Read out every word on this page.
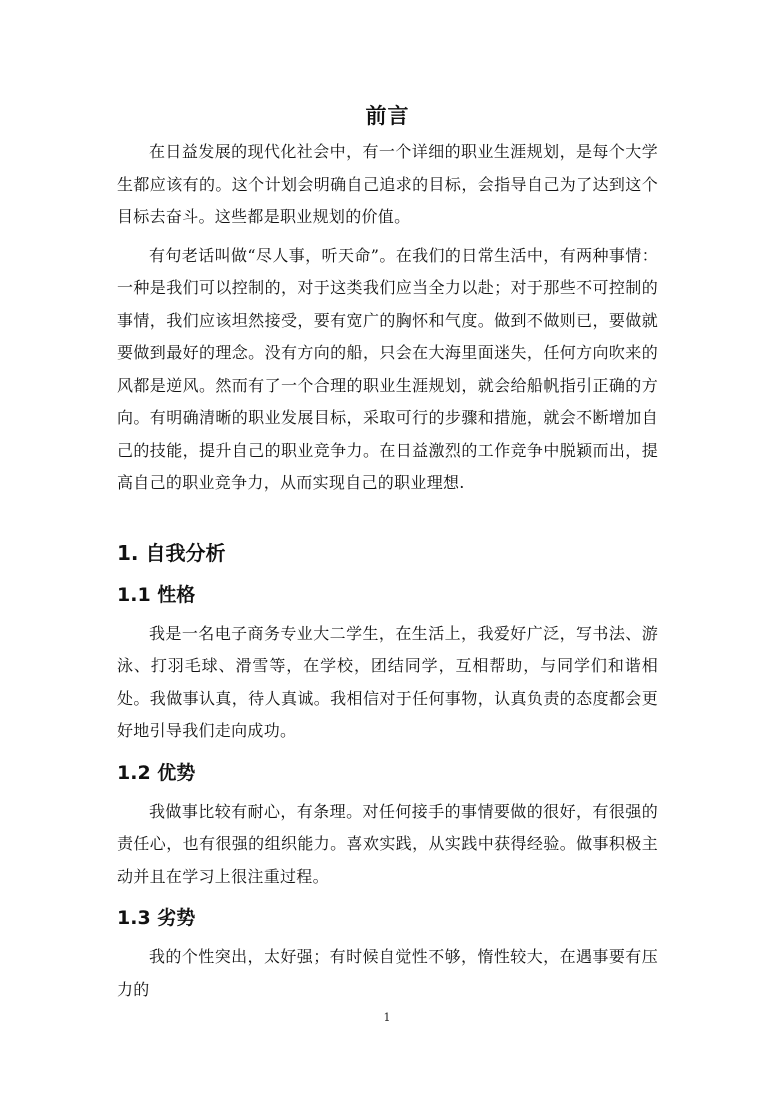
前言

在日益发展的现代化社会中，有一个详细的职业生涯规划，是每个大学生都应该有的。这个计划会明确自己追求的目标，会指导自己为了达到这个目标去奋斗。这些都是职业规划的价值。

有句老话叫做“尽人事，听天命”。在我们的日常生活中，有两种事情：一种是我们可以控制的，对于这类我们应当全力以赴；对于那些不可控制的事情，我们应该坦然接受，要有宽广的胸怀和气度。做到不做则已，要做就要做到最好的理念。没有方向的船，只会在大海里面迷失，任何方向吹来的风都是逆风。然而有了一个合理的职业生涯规划，就会给船帆指引正确的方向。有明确清晰的职业发展目标，采取可行的步骤和措施，就会不断增加自己的技能，提升自己的职业竞争力。在日益激烈的工作竞争中脱颖而出，提高自己的职业竞争力，从而实现自己的职业理想.

1. 自我分析
1.1 性格

我是一名电子商务专业大二学生，在生活上，我爱好广泛，写书法、游泳、打羽毛球、滑雪等，在学校，团结同学，互相帮助，与同学们和谐相处。我做事认真，待人真诚。我相信对于任何事物，认真负责的态度都会更好地引导我们走向成功。

1.2 优势

我做事比较有耐心，有条理。对任何接手的事情要做的很好，有很强的责任心，也有很强的组织能力。喜欢实践，从实践中获得经验。做事积极主动并且在学习上很注重过程。

1.3 劣势

我的个性突出，太好强；有时候自觉性不够，惰性较大，在遇事要有压力的

1
